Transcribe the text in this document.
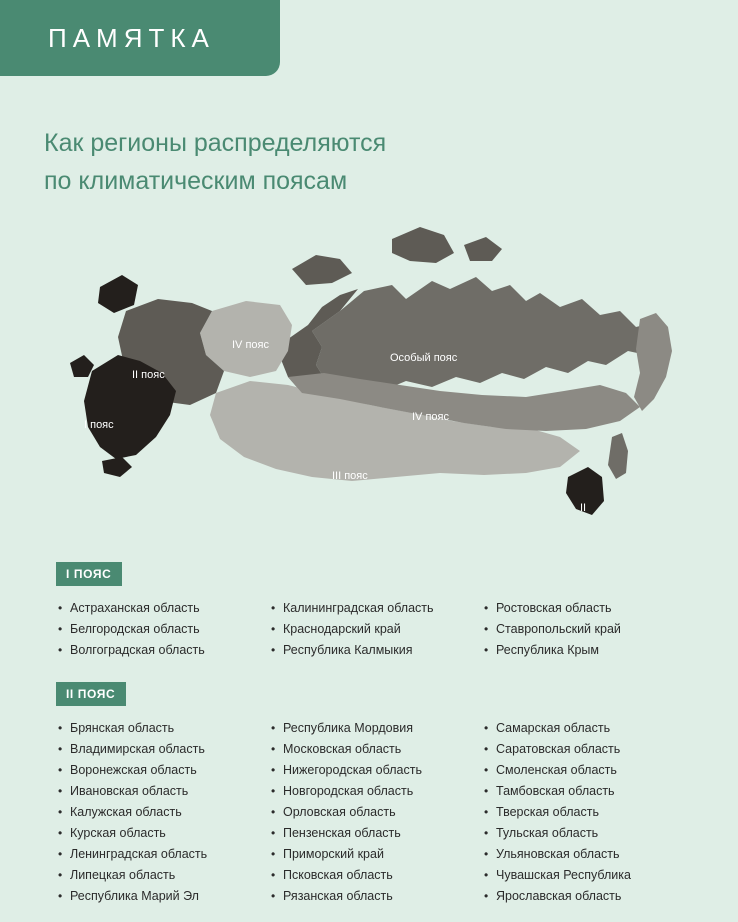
ПАМЯТКА
Как регионы распределяются
по климатическим поясам
IV пояс
II пояс
I пояс
Особый пояс
IV пояс
III пояс
II
I ПОЯС
• Астраханская область
• Белгородская область
• Волгоградская область
• Калининградская область
• Краснодарский край
• Республика Калмыкия
• Ростовская область
• Ставропольский край
• Республика Крым
II ПОЯС
• Брянская область
• Владимирская область
• Воронежская область
• Ивановская область
• Калужская область
• Курская область
• Ленинградская область
• Липецкая область
• Республика Марий Эл
• Республика Мордовия
• Московская область
• Нижегородская область
• Новгородская область
• Орловская область
• Пензенская область
• Приморский край
• Псковская область
• Рязанская область
• Самарская область
• Саратовская область
• Смоленская область
• Тамбовская область
• Тверская область
• Тульская область
• Ульяновская область
• Чувашская Республика
• Ярославская область
